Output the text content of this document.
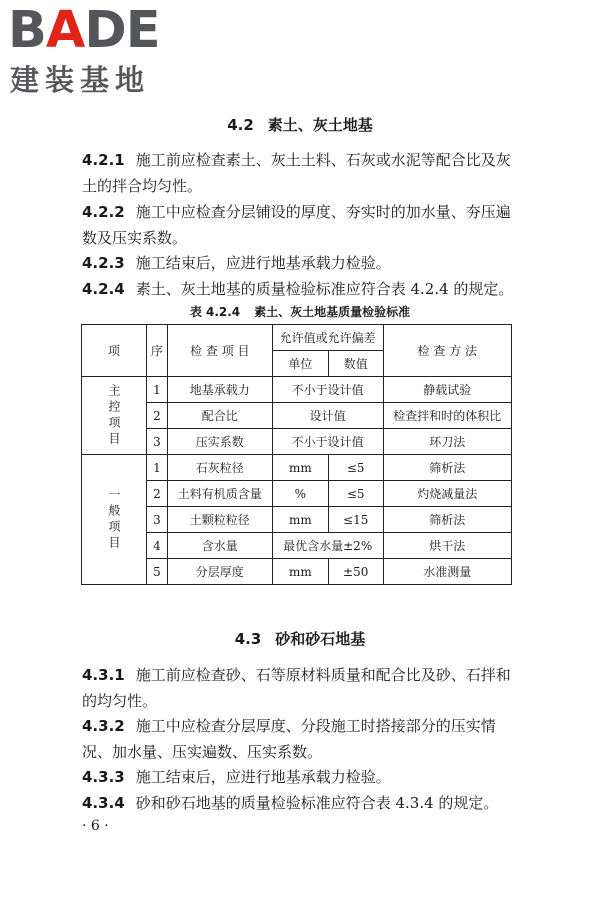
BADE
建装基地
4.2 素土、灰土地基
4.2.1 施工前应检查素土、灰土土料、石灰或水泥等配合比及灰土的拌合均匀性。
4.2.2 施工中应检查分层铺设的厚度、夯实时的加水量、夯压遍数及压实系数。
4.2.3 施工结束后，应进行地基承载力检验。
4.2.4 素土、灰土地基的质量检验标准应符合表 4.2.4 的规定。
表 4.2.4 素土、灰土地基质量检验标准
项	序	检 查 项 目	允许值或允许偏差		检 查 方 法
			单位	数值	
主控项目	1	地基承载力	不小于设计值		静载试验
	2	配合比	设计值		检查拌和时的体积比
	3	压实系数	不小于设计值		环刀法
一般项目	1	石灰粒径	mm	≤5	筛析法
	2	土料有机质含量	%	≤5	灼烧减量法
	3	土颗粒粒径	mm	≤15	筛析法
	4	含水量	最优含水量±2%		烘干法
	5	分层厚度	mm	±50	水准测量
4.3 砂和砂石地基
4.3.1 施工前应检查砂、石等原材料质量和配合比及砂、石拌和的均匀性。
4.3.2 施工中应检查分层厚度、分段施工时搭接部分的压实情况、加水量、压实遍数、压实系数。
4.3.3 施工结束后，应进行地基承载力检验。
4.3.4 砂和砂石地基的质量检验标准应符合表 4.3.4 的规定。
· 6 ·
